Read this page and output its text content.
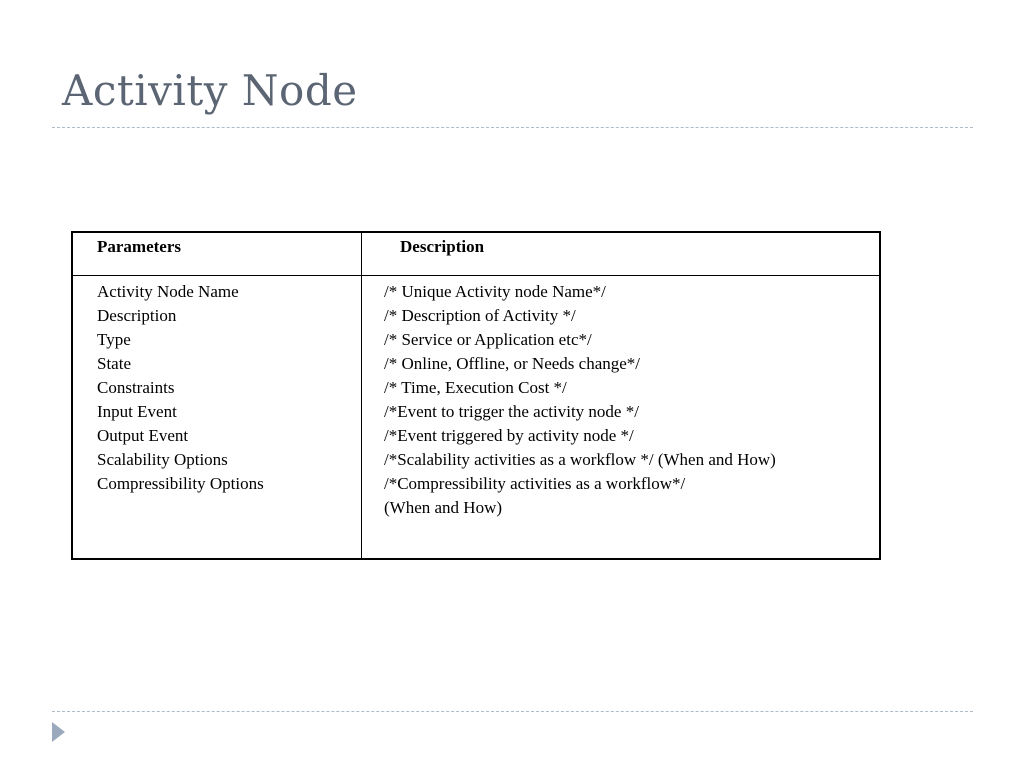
Activity Node
Parameters	Description
Activity Node Name
Description
Type
State
Constraints
Input Event
Output Event
Scalability Options
Compressibility Options
/* Unique Activity node Name*/
/* Description of Activity */
/* Service or Application etc*/
/* Online, Offline, or Needs change*/
/* Time, Execution Cost */
/*Event to trigger the activity node */
/*Event triggered by activity node */
/*Scalability activities as a workflow */ (When and How)
/*Compressibility activities as a workflow*/
(When and How)
